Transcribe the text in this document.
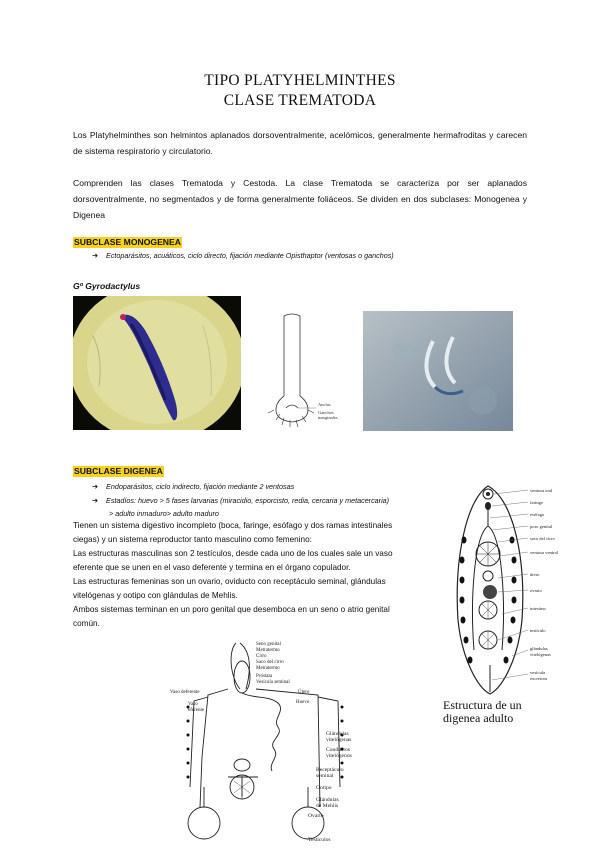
TIPO PLATYHELMINTHES
CLASE TREMATODA
Los Platyhelminthes son helmintos aplanados dorsoventralmente, acelómicos, generalmente hermafroditas y carecen de sistema respiratorio y circulatorio.
Comprenden las clases Trematoda y Cestoda. La clase Trematoda se caracteriza por ser aplanados dorsoventralmente, no segmentados y de forma generalmente foliáceos. Se dividen en dos subclases: Monogenea y Digenea
SUBCLASE MONOGENEA
➔ Ectoparásitos, acuáticos, ciclo directo, fijación mediante Opisthaptor (ventosas o ganchos)
Gº Gyrodactylus
Anclas
Ganchos
marginales
SUBCLASE DIGENEA
➔ Endoparásitos, ciclo indirecto, fijación mediante 2 ventosas
➔ Estadíos: huevo > 5 fases larvarias (miracidio, esporcisto, redia, cercaria y metacercaria)
> adulto inmaduro> adulto maduro
Tienen un sistema digestivo incompleto (boca, faringe, esófago y dos ramas intestinales
ciegas) y un sistema reproductor tanto masculino como femenino:
Las estructuras masculinas son 2 testículos, desde cada uno de los cuales sale un vaso
eferente que se unen en el vaso deferente y termina en el órgano copulador.
Las estructuras femeninas son un ovario, oviducto con receptáculo seminal, glándulas
vitelógenas y ootipo con glándulas de Mehlis.
Ambos sistemas terminan en un poro genital que desemboca en un seno o atrio genital
común.
ventosa oral
faringe
esófago
poro genital
saco del cirro
ventosa ventral
útero
ovario
intestino
testículo
glándulas
vitelógenas
vesícula
excretora
Estructura de un
digenea adulto
Vaso deferente
Vaso
eferente
Seno genital
Metratermo
Cirro
Saco del cirro
Metratermo
Próstata
Vesícula seminal
Útero
Huevo
Glándulas
vitelógenas
Conductos
vitelógenos
Receptáculo
seminal
Ootipo
Glándulas
de Mehlis
Ovario
Testículos
